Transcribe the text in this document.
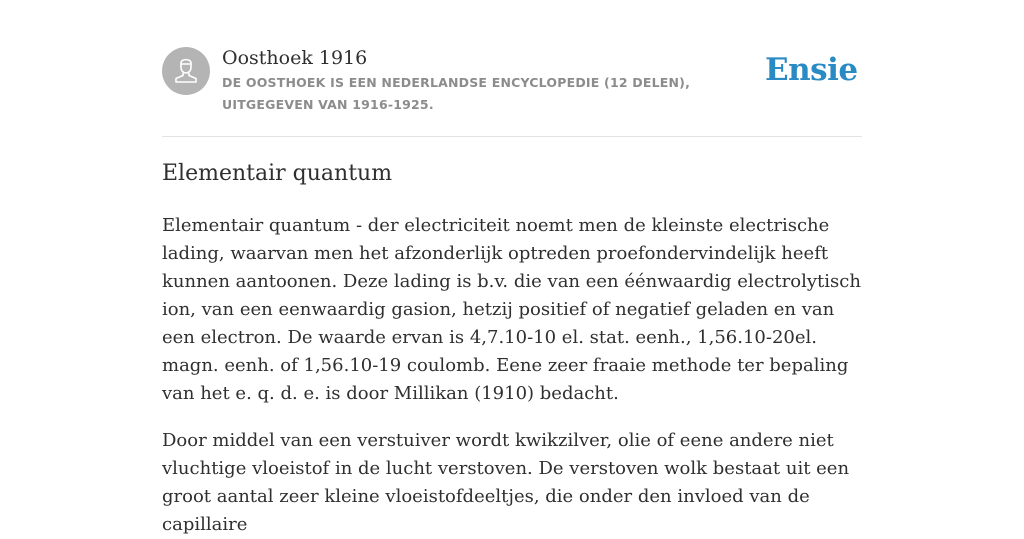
Oosthoek 1916
DE OOSTHOEK IS EEN NEDERLANDSE ENCYCLOPEDIE (12 DELEN), UITGEGEVEN VAN 1916-1925.
Ensie
Elementair quantum

Elementair quantum - der electriciteit noemt men de kleinste electrische lading, waarvan men het afzonderlijk optreden proefondervindelijk heeft kunnen aantoonen. Deze lading is b.v. die van een éénwaardig electrolytisch ion, van een eenwaardig gasion, hetzij positief of negatief geladen en van een electron. De waarde ervan is 4,7.10-10 el. stat. eenh., 1,56.10-20el. magn. eenh. of 1,56.10-19 coulomb. Eene zeer fraaie methode ter bepaling van het e. q. d. e. is door Millikan (1910) bedacht.

Door middel van een verstuiver wordt kwikzilver, olie of eene andere niet vluchtige vloeistof in de lucht verstoven. De verstoven wolk bestaat uit een groot aantal zeer kleine vloeistofdeeltjes, die onder den invloed van de capillaire
